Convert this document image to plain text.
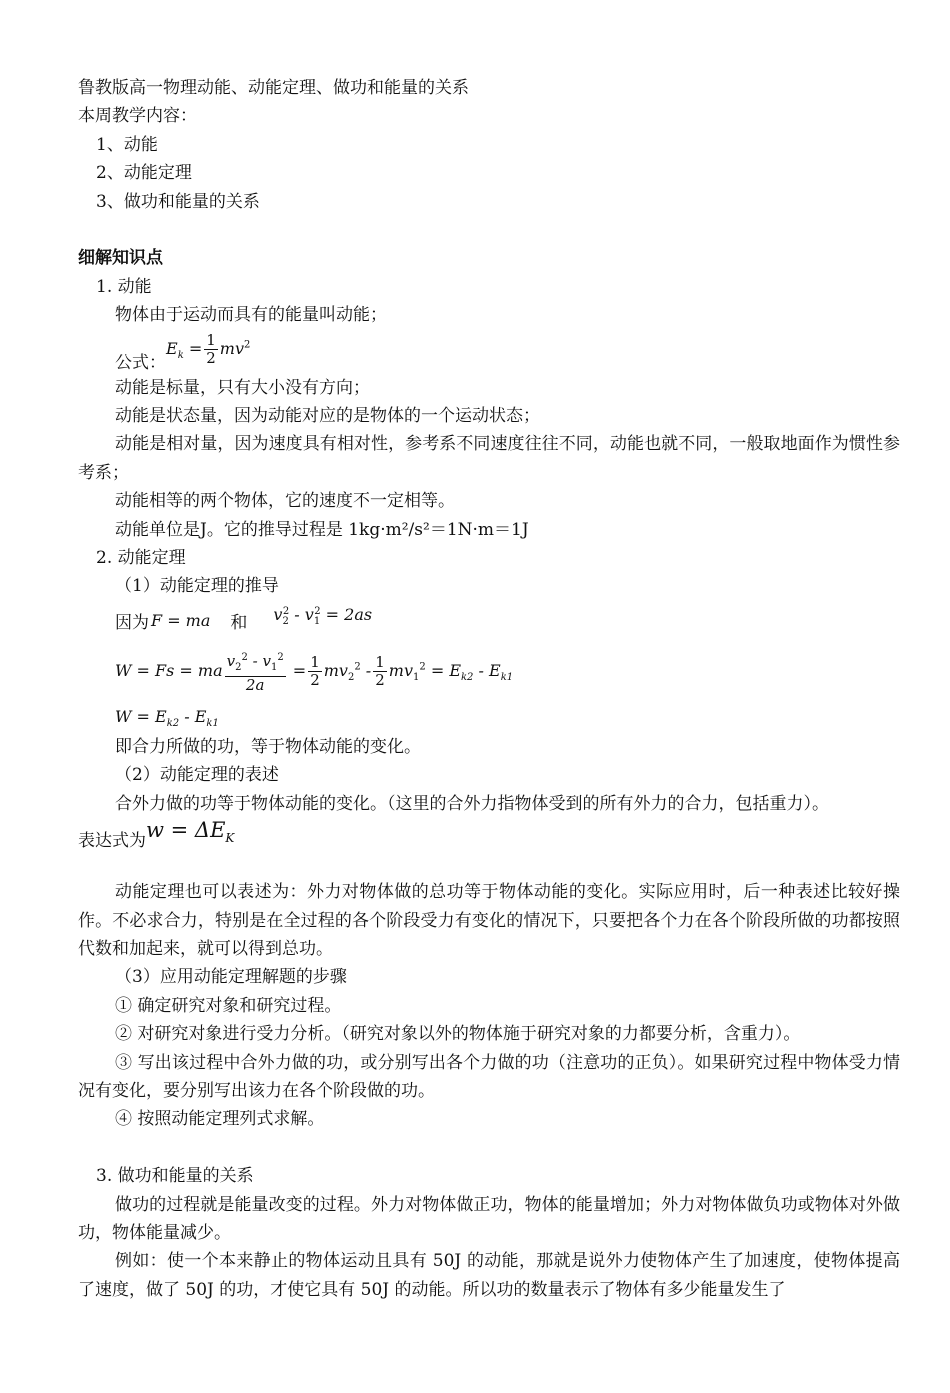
鲁教版高一物理动能、动能定理、做功和能量的关系
本周教学内容：
1、动能
2、动能定理
3、做功和能量的关系
细解知识点
1. 动能
物体由于运动而具有的能量叫动能；
公式：
$E_k = \frac{1}{2} mv^2$
动能是标量，只有大小没有方向；
动能是状态量，因为动能对应的是物体的一个运动状态；
动能是相对量，因为速度具有相对性，参考系不同速度往往不同，动能也就不同，一般取地面作为惯性参考系；
动能相等的两个物体，它的速度不一定相等。
动能单位是J。它的推导过程是 1kg·m²/s²＝1N·m＝1J
2. 动能定理
（1）动能定理的推导
因为 F = ma 和 $v_2^2 - v_1^2 = 2as$
W = Fs = ma $\frac{v_2^2 - v_1^2}{2a} = \frac{1}{2} mv_2^2 - \frac{1}{2} mv_1^2 = E_{k2} - E_{k1}$
$W = E_{k2} - E_{k1}$
即合力所做的功，等于物体动能的变化。
（2）动能定理的表述
合外力做的功等于物体动能的变化。（这里的合外力指物体受到的所有外力的合力，包括重力）。
表达式为 $w = \Delta E_K$
动能定理也可以表述为：外力对物体做的总功等于物体动能的变化。实际应用时，后一种表述比较好操作。不必求合力，特别是在全过程的各个阶段受力有变化的情况下，只要把各个力在各个阶段所做的功都按照代数和加起来，就可以得到总功。
（3）应用动能定理解题的步骤
① 确定研究对象和研究过程。
② 对研究对象进行受力分析。（研究对象以外的物体施于研究对象的力都要分析，含重力）。
③ 写出该过程中合外力做的功，或分别写出各个力做的功（注意功的正负）。如果研究过程中物体受力情况有变化，要分别写出该力在各个阶段做的功。
④ 按照动能定理列式求解。
3. 做功和能量的关系
做功的过程就是能量改变的过程。外力对物体做正功，物体的能量增加；外力对物体做负功或物体对外做功，物体能量减少。
例如：使一个本来静止的物体运动且具有 50J 的动能，那就是说外力使物体产生了加速度，使物体提高了速度，做了 50J 的功，才使它具有 50J 的动能。所以功的数量表示了物体有多少能量发生了
